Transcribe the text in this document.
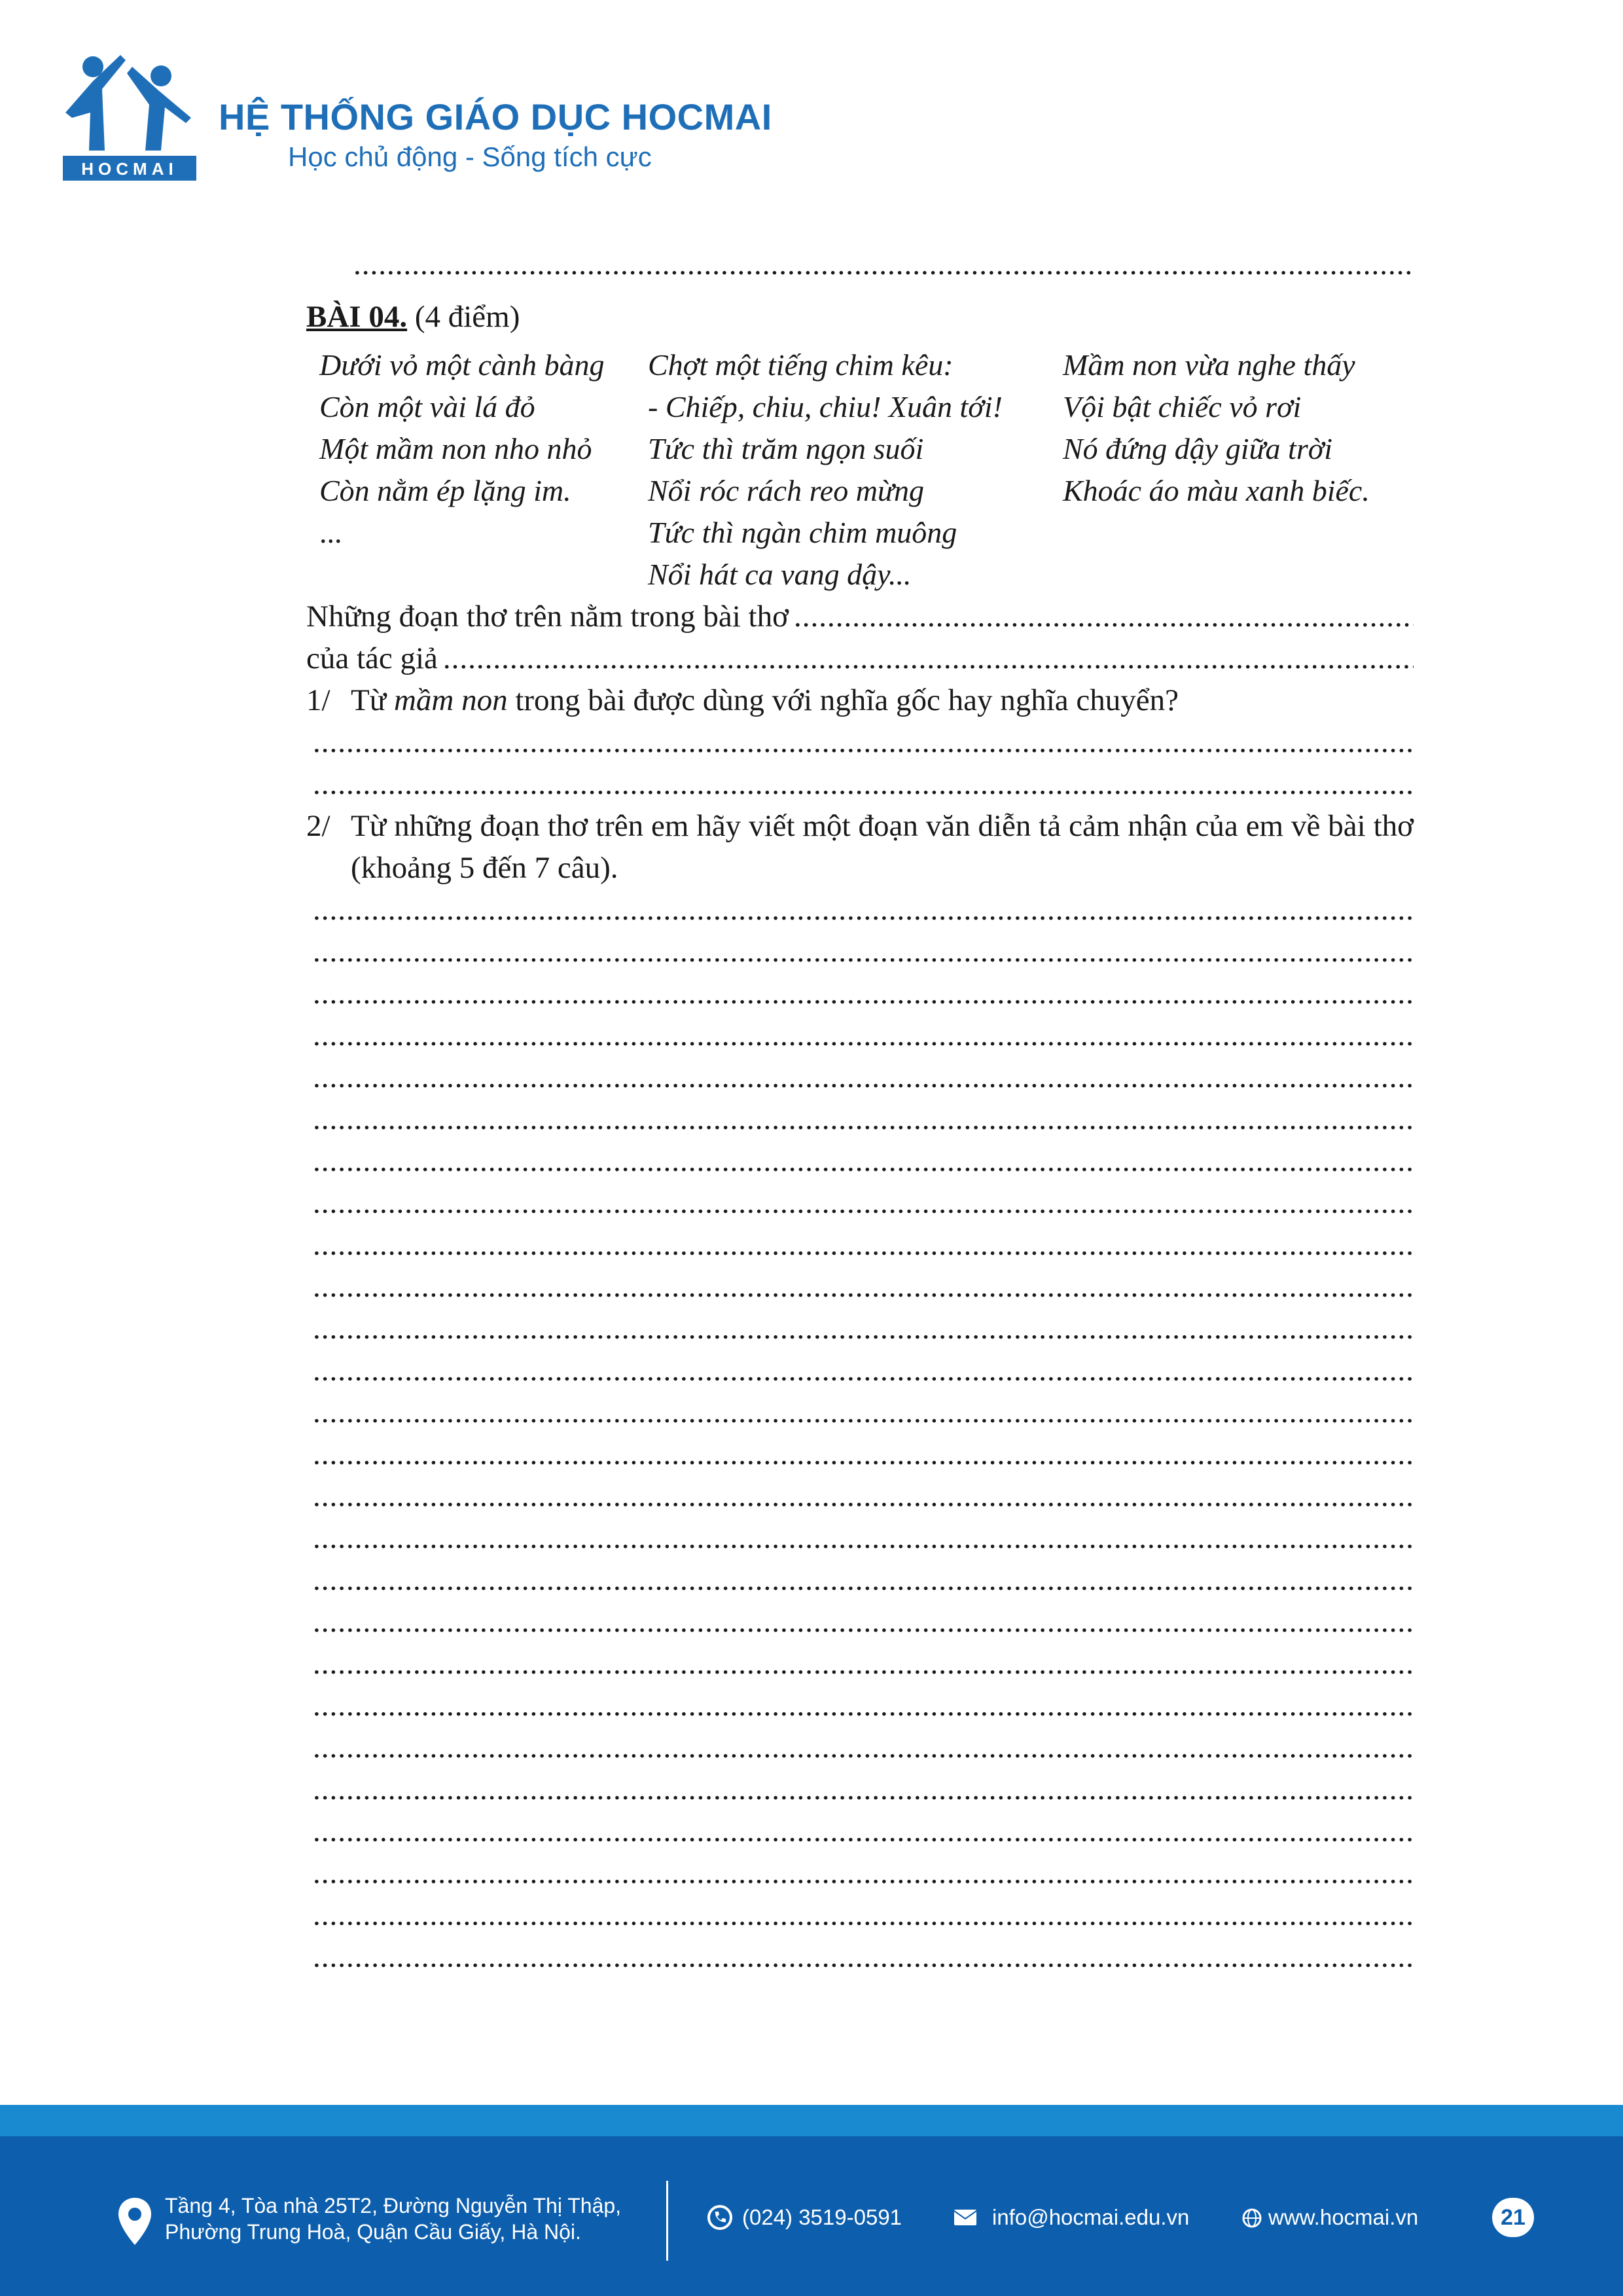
HOCMAI
HỆ THỐNG GIÁO DỤC HOCMAI
Học chủ động - Sống tích cực
.....
BÀI 04. (4 điểm)
Dưới vỏ một cành bàng
Còn một vài lá đỏ
Một mầm non nho nhỏ
Còn nằm ép lặng im.
...
Chợt một tiếng chim kêu:
- Chiếp, chiu, chiu! Xuân tới!
Tức thì trăm ngọn suối
Nổi róc rách reo mừng
Tức thì ngàn chim muông
Nổi hát ca vang dậy...
Mầm non vừa nghe thấy
Vội bật chiếc vỏ rơi
Nó đứng dậy giữa trời
Khoác áo màu xanh biếc.
Những đoạn thơ trên nằm trong bài thơ
.....
của tác giả
.....
1/ Từ mầm non trong bài được dùng với nghĩa gốc hay nghĩa chuyển?
.....
.....
2/ Từ những đoạn thơ trên em hãy viết một đoạn văn diễn tả cảm nhận của em về bài thơ (khoảng 5 đến 7 câu).
.....
.....
.....
.....
.....
.....
.....
.....
.....
.....
.....
.....
.....
.....
.....
.....
.....
.....
.....
.....
.....
.....
.....
.....
.....
.....
Tầng 4, Tòa nhà 25T2, Đường Nguyễn Thị Thập,
Phường Trung Hoà, Quận Cầu Giấy, Hà Nội.
(024) 3519-0591	info@hocmai.edu.vn	www.hocmai.vn	21
